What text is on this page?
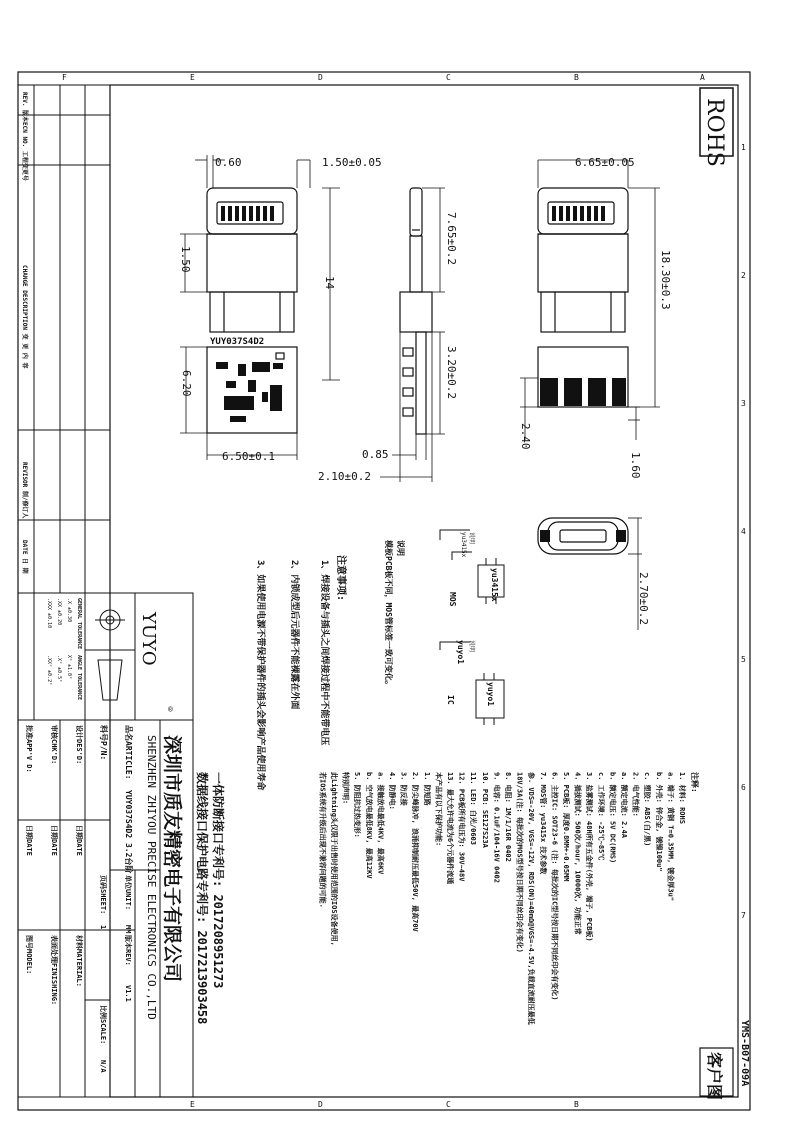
F	E	D	C	B	A
E	D	C	B
1
2
3
4
5
6
7
ROHS
YMS-B07-09A
客户图
REV. 版本
ECN NO. 工程变更号
CHANGE DESCRIPTION 变 更 内 容
REVISOR 制/修订人
DATE 日 期
YUY037S4D2
0.60	1.50±0.05
1.50
14
6.20
6.50±0.1
7.65±0.2
3.20±0.2
0.85
2.10±0.2
6.65±0.05
18.30±0.3
2.40
1.60
2.70±0.2
yu3415x
MOS
说明
yu3415x
模板PCB板不同，MOS管标签一致可变化。 说明
yuyo1
IC
yuyo1 说明
注意事项:
1、焊接设备与插头之间焊接过程中不能带电压
2、内锁成型后元器件不能裸露在外面
3、如果使用电源不带保护器件的插头会影响产品使用寿命	注释:
1. 材料: ROHS
a. 端子: 黄铜 T=0.35MM, 镀金厚3u"
b. 外壳: 锌合金, 镀镍100u"
c. 塑胶: ABS(白/黑)
2. 电气性能:
a. 额定电流: 2.4A
b. 额定电压: 5V DC(RMS)
c. 工作环境: -25℃~85℃
3. 盐雾测试: 48H所有五金件(外壳, 端子, PCB板)
4. 插拔测试: 500次/hour, 10000次, 功能正常
5. PCB板: 厚度0.8MM+-0.05MM
6. 主控IC: SOT23-6 (注: 每批次的IC型号按日期不同丝印会有变化)
7. MOS管: yu3415x 技术参数
参. VDS=-20V, VGS=-12V, RDS(ON)=40mΩ@VGS=-4.5V,负载直流耐压最低
18V/3A(注: 每批次的MOS型号按日期不同丝印会有变化)
8. 电阻: 1M/1/16R 0402
9. 电容: 0.1uF/104-16V 0402
10. PCB: SE127S23A
11. LED: 白光/0603
12. PCB板所有电压为: 30V~48V
13. 最大允许电流为6个元器件流通
本产品有以下保护功能:
1. 防短路
2. 防尖峰脉冲, 浪涌抑制耐压最低50V, 最高70V
3. 防反接
4. 防静电:
a. 接触放电最低4KV, 最高6KV
b. 空气放电最低8KV, 最高12KV
5. 防阻抗过热变形:
特别声明:
此Lightning头仅限于出售时使用范围的IOS设备使用,
若IOS系统有升级后出现不兼容问题的可能.
一体防断接口专利号: 2017208951273
数据线接口保护电路专利号: 2017213903458
YUYO
深圳市质友精密电子有限公司
SHENZHEN ZHIYOU PRECISE ELECTRONICS CO.,LTD
品名ARTICLE:
YUY037S4D2 3.2台阶
料号P/N:
设计DES'D:
审核CHK'D:
批准APP'V D:
日期DATE
日期DATE
日期DATE
单位UNIT:
MM
版本REV:
V1.1
页码SHEET:
1
比例SCALE:
N/A
材料MATERIAL:
表面处理FINISHING:
图号MODEL:
GENERAL TOLERANCE
ANGLE TOLERANCE
.X ±0.30
.XX ±0.20
.XXX ±0.10
X° ±1.0°
.X° ±0.5°
.XX° ±0.2°
®
